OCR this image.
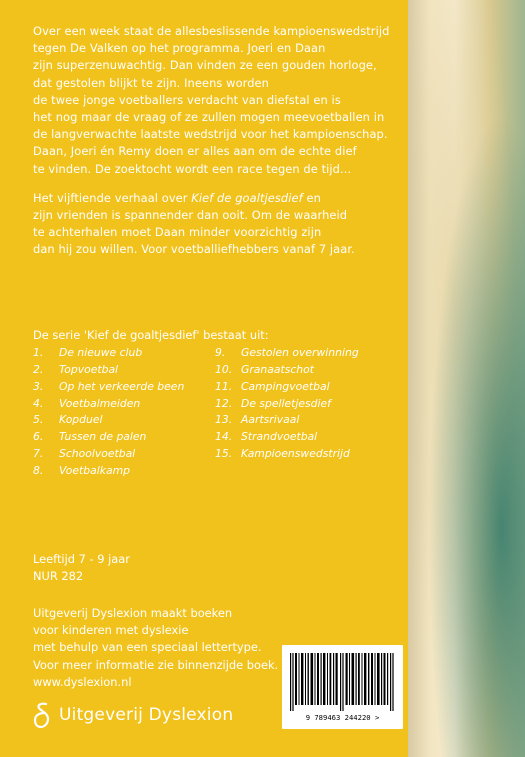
Over een week staat de allesbeslissende kampioenswedstrijd
tegen De Valken op het programma. Joeri en Daan
zijn superzenuwachtig. Dan vinden ze een gouden horloge,
dat gestolen blijkt te zijn. Ineens worden
de twee jonge voetballers verdacht van diefstal en is
het nog maar de vraag of ze zullen mogen meevoetballen in
de langverwachte laatste wedstrijd voor het kampioenschap.
Daan, Joeri én Remy doen er alles aan om de echte dief
te vinden. De zoektocht wordt een race tegen de tijd...

Het vijftiende verhaal over Kief de goaltjesdief en
zijn vrienden is spannender dan ooit. Om de waarheid
te achterhalen moet Daan minder voorzichtig zijn
dan hij zou willen. Voor voetballiefhebbers vanaf 7 jaar.

De serie 'Kief de goaltjesdief' bestaat uit:
1.	De nieuwe club
2.	Topvoetbal
3.	Op het verkeerde been
4.	Voetbalmeiden
5.	Kopduel
6.	Tussen de palen
7.	Schoolvoetbal
8.	Voetbalkamp
9.	Gestolen overwinning
10. Granaatschot
11. Campingvoetbal
12. De spelletjesdief
13. Aartsrivaal
14. Strandvoetbal
15. Kampioenswedstrijd
Leeftijd 7 - 9 jaar
NUR 282
Uitgeverij Dyslexion maakt boeken
voor kinderen met dyslexie
met behulp van een speciaal lettertype.
Voor meer informatie zie binnenzijde boek.
www.dyslexion.nl
Uitgeverij Dyslexion	9 789463 244220 >
